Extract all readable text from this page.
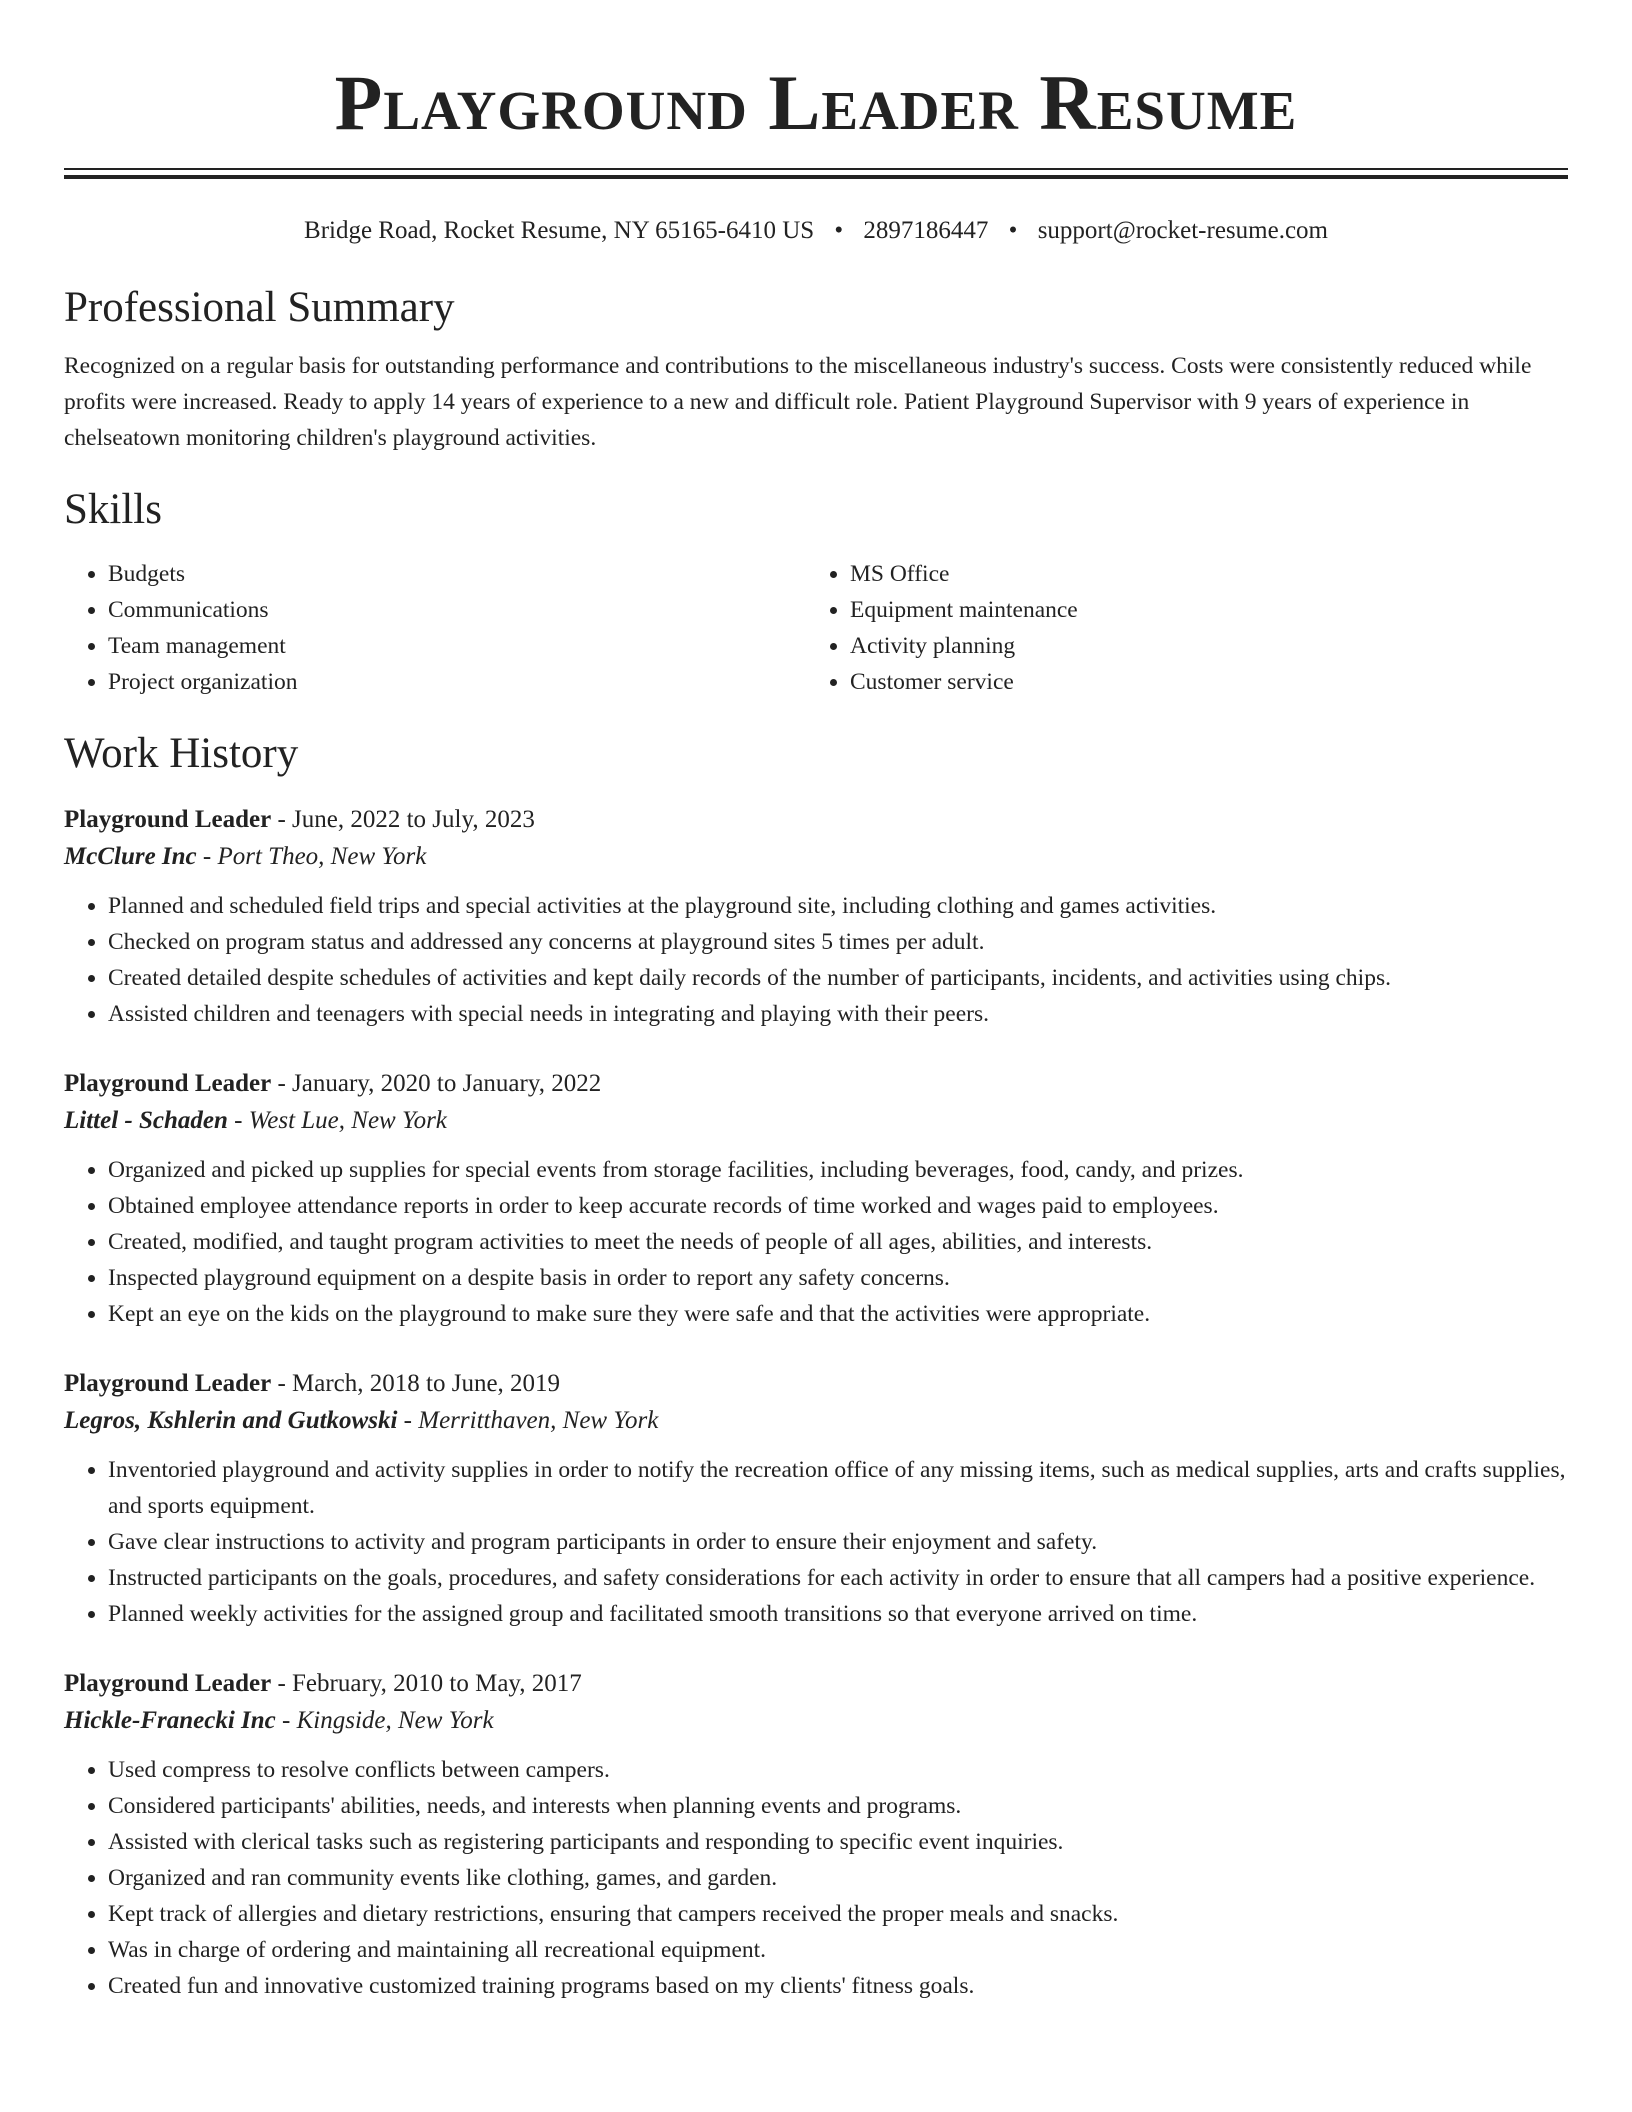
Playground Leader Resume
Bridge Road, Rocket Resume, NY 65165-6410 US • 2897186447 • support@rocket-resume.com
Professional Summary

Recognized on a regular basis for outstanding performance and contributions to the miscellaneous industry's success. Costs were consistently reduced while profits were increased. Ready to apply 14 years of experience to a new and difficult role. Patient Playground Supervisor with 9 years of experience in chelseatown monitoring children's playground activities.

Skills
• Budgets
• Communications
• Team management
• Project organization
• MS Office
• Equipment maintenance
• Activity planning
• Customer service
Work History
Playground Leader - June, 2022 to July, 2023
McClure Inc - Port Theo, New York
• Planned and scheduled field trips and special activities at the playground site, including clothing and games activities.
• Checked on program status and addressed any concerns at playground sites 5 times per adult.
• Created detailed despite schedules of activities and kept daily records of the number of participants, incidents, and activities using chips.
• Assisted children and teenagers with special needs in integrating and playing with their peers.
Playground Leader - January, 2020 to January, 2022
Littel - Schaden - West Lue, New York
• Organized and picked up supplies for special events from storage facilities, including beverages, food, candy, and prizes.
• Obtained employee attendance reports in order to keep accurate records of time worked and wages paid to employees.
• Created, modified, and taught program activities to meet the needs of people of all ages, abilities, and interests.
• Inspected playground equipment on a despite basis in order to report any safety concerns.
• Kept an eye on the kids on the playground to make sure they were safe and that the activities were appropriate.
Playground Leader - March, 2018 to June, 2019
Legros, Kshlerin and Gutkowski - Merritthaven, New York
• Inventoried playground and activity supplies in order to notify the recreation office of any missing items, such as medical supplies, arts and crafts supplies, and sports equipment.
• Gave clear instructions to activity and program participants in order to ensure their enjoyment and safety.
• Instructed participants on the goals, procedures, and safety considerations for each activity in order to ensure that all campers had a positive experience.
• Planned weekly activities for the assigned group and facilitated smooth transitions so that everyone arrived on time.
Playground Leader - February, 2010 to May, 2017
Hickle-Franecki Inc - Kingside, New York
• Used compress to resolve conflicts between campers.
• Considered participants' abilities, needs, and interests when planning events and programs.
• Assisted with clerical tasks such as registering participants and responding to specific event inquiries.
• Organized and ran community events like clothing, games, and garden.
• Kept track of allergies and dietary restrictions, ensuring that campers received the proper meals and snacks.
• Was in charge of ordering and maintaining all recreational equipment.
• Created fun and innovative customized training programs based on my clients' fitness goals.
